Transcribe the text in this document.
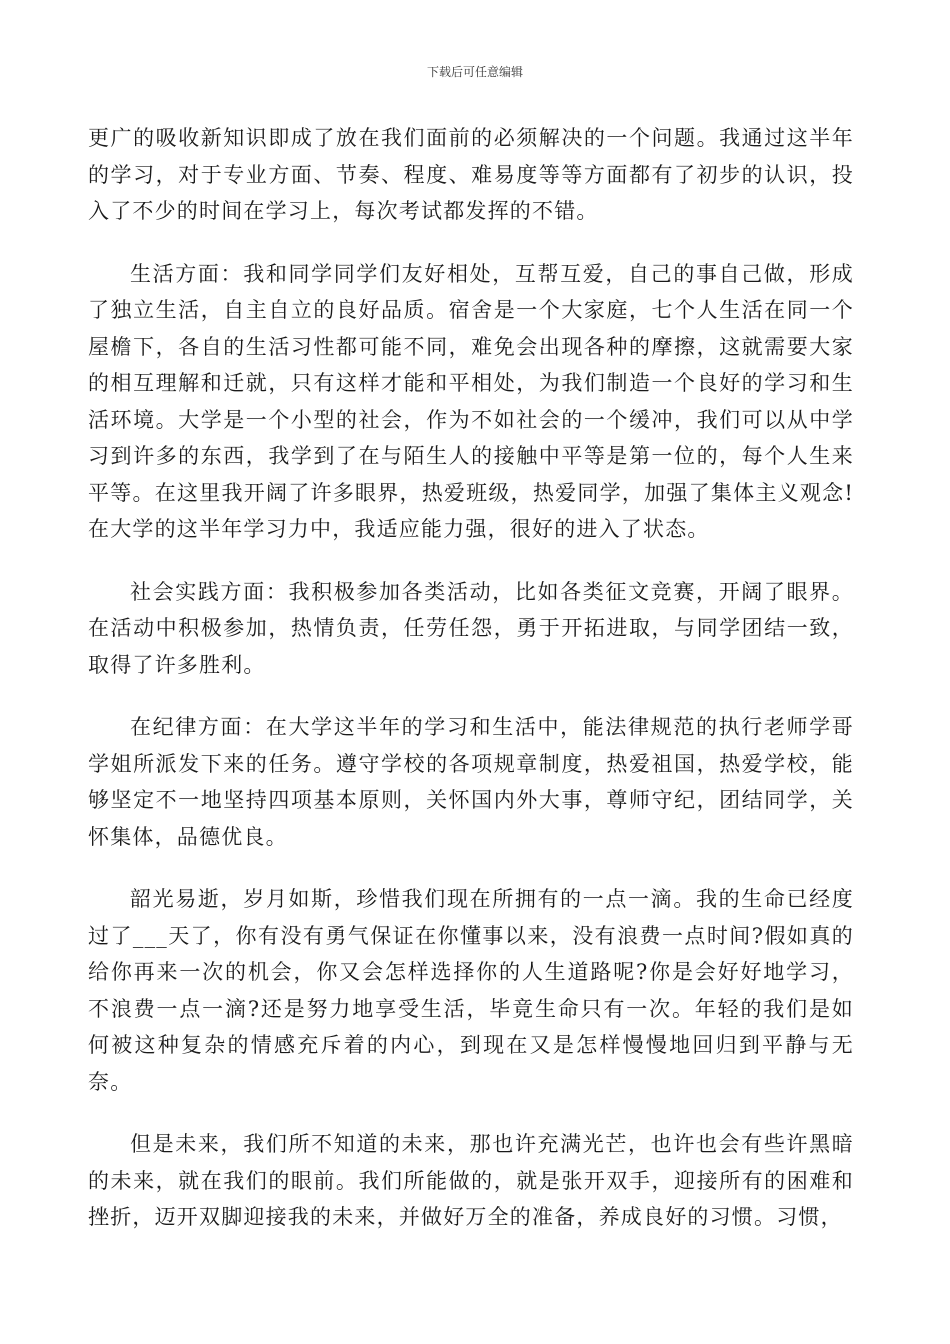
下载后可任意编辑

更广的吸收新知识即成了放在我们面前的必须解决的一个问题。我通过这半年的学习，对于专业方面、节奏、程度、难易度等等方面都有了初步的认识，投入了不少的时间在学习上，每次考试都发挥的不错。

生活方面：我和同学同学们友好相处，互帮互爱，自己的事自己做，形成了独立生活，自主自立的良好品质。宿舍是一个大家庭，七个人生活在同一个屋檐下，各自的生活习性都可能不同，难免会出现各种的摩擦，这就需要大家的相互理解和迁就，只有这样才能和平相处，为我们制造一个良好的学习和生活环境。大学是一个小型的社会，作为不如社会的一个缓冲，我们可以从中学习到许多的东西，我学到了在与陌生人的接触中平等是第一位的，每个人生来平等。在这里我开阔了许多眼界，热爱班级，热爱同学，加强了集体主义观念!在大学的这半年学习力中，我适应能力强，很好的进入了状态。

社会实践方面：我积极参加各类活动，比如各类征文竞赛，开阔了眼界。在活动中积极参加，热情负责，任劳任怨，勇于开拓进取，与同学团结一致，取得了许多胜利。

在纪律方面：在大学这半年的学习和生活中，能法律规范的执行老师学哥学姐所派发下来的任务。遵守学校的各项规章制度，热爱祖国，热爱学校，能够坚定不一地坚持四项基本原则，关怀国内外大事，尊师守纪，团结同学，关怀集体，品德优良。

韶光易逝，岁月如斯，珍惜我们现在所拥有的一点一滴。我的生命已经度过了___天了，你有没有勇气保证在你懂事以来，没有浪费一点时间?假如真的给你再来一次的机会，你又会怎样选择你的人生道路呢?你是会好好地学习，不浪费一点一滴?还是努力地享受生活，毕竟生命只有一次。年轻的我们是如何被这种复杂的情感充斥着的内心，到现在又是怎样慢慢地回归到平静与无奈。

但是未来，我们所不知道的未来，那也许充满光芒，也许也会有些许黑暗的未来，就在我们的眼前。我们所能做的，就是张开双手，迎接所有的困难和挫折，迈开双脚迎接我的未来，并做好万全的准备，养成良好的习惯。习惯，
